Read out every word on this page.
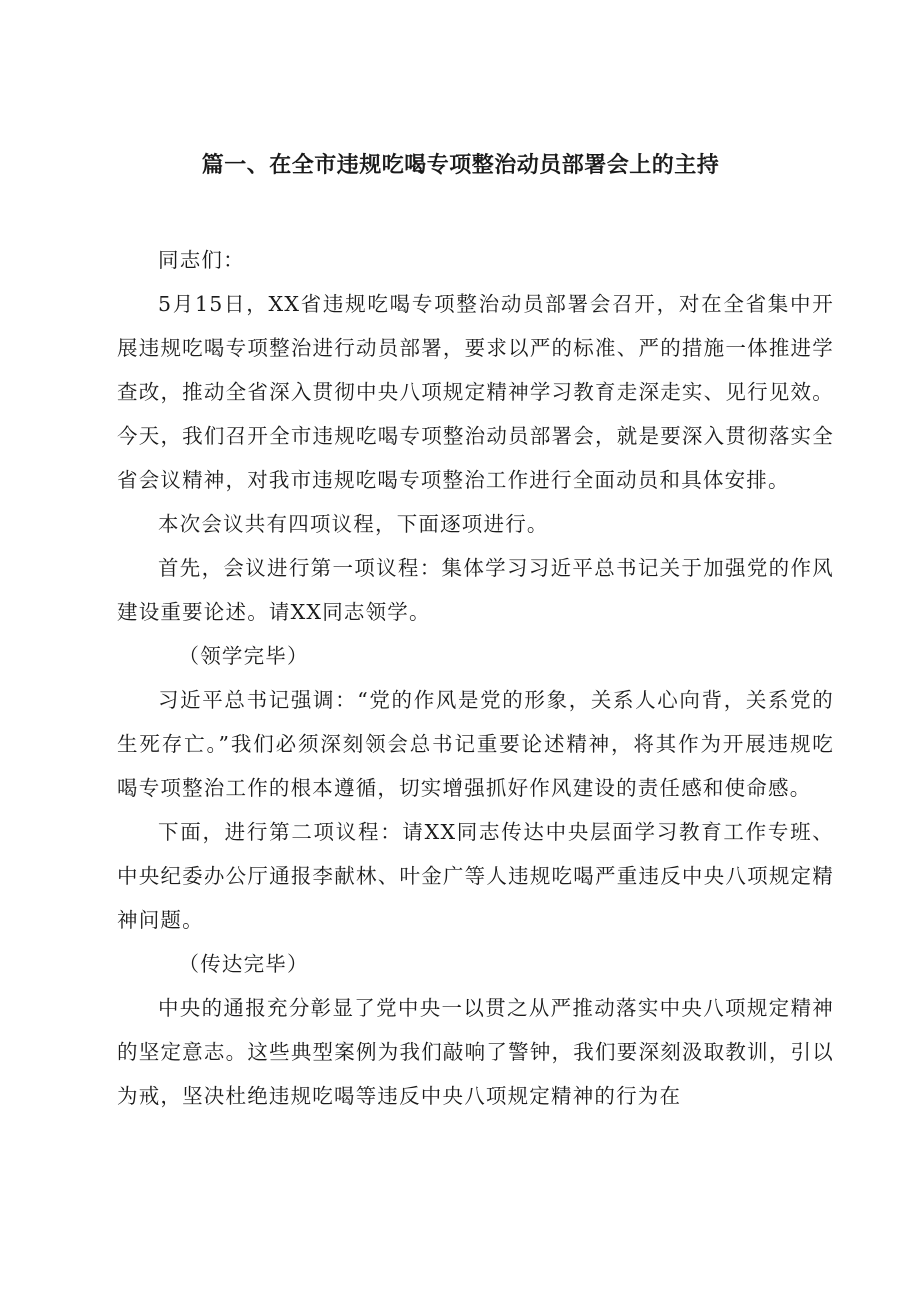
篇一、在全市违规吃喝专项整治动员部署会上的主持

同志们：

5月15日，XX省违规吃喝专项整治动员部署会召开，对在全省集中开展违规吃喝专项整治进行动员部署，要求以严的标准、严的措施一体推进学查改，推动全省深入贯彻中央八项规定精神学习教育走深走实、见行见效。今天，我们召开全市违规吃喝专项整治动员部署会，就是要深入贯彻落实全省会议精神，对我市违规吃喝专项整治工作进行全面动员和具体安排。

本次会议共有四项议程，下面逐项进行。

首先，会议进行第一项议程：集体学习习近平总书记关于加强党的作风建设重要论述。请XX同志领学。

（领学完毕）

习近平总书记强调：“党的作风是党的形象，关系人心向背，关系党的生死存亡。”我们必须深刻领会总书记重要论述精神，将其作为开展违规吃喝专项整治工作的根本遵循，切实增强抓好作风建设的责任感和使命感。

下面，进行第二项议程：请XX同志传达中央层面学习教育工作专班、中央纪委办公厅通报李献林、叶金广等人违规吃喝严重违反中央八项规定精神问题。

（传达完毕）

中央的通报充分彰显了党中央一以贯之从严推动落实中央八项规定精神的坚定意志。这些典型案例为我们敲响了警钟，我们要深刻汲取教训，引以为戒，坚决杜绝违规吃喝等违反中央八项规定精神的行为在
